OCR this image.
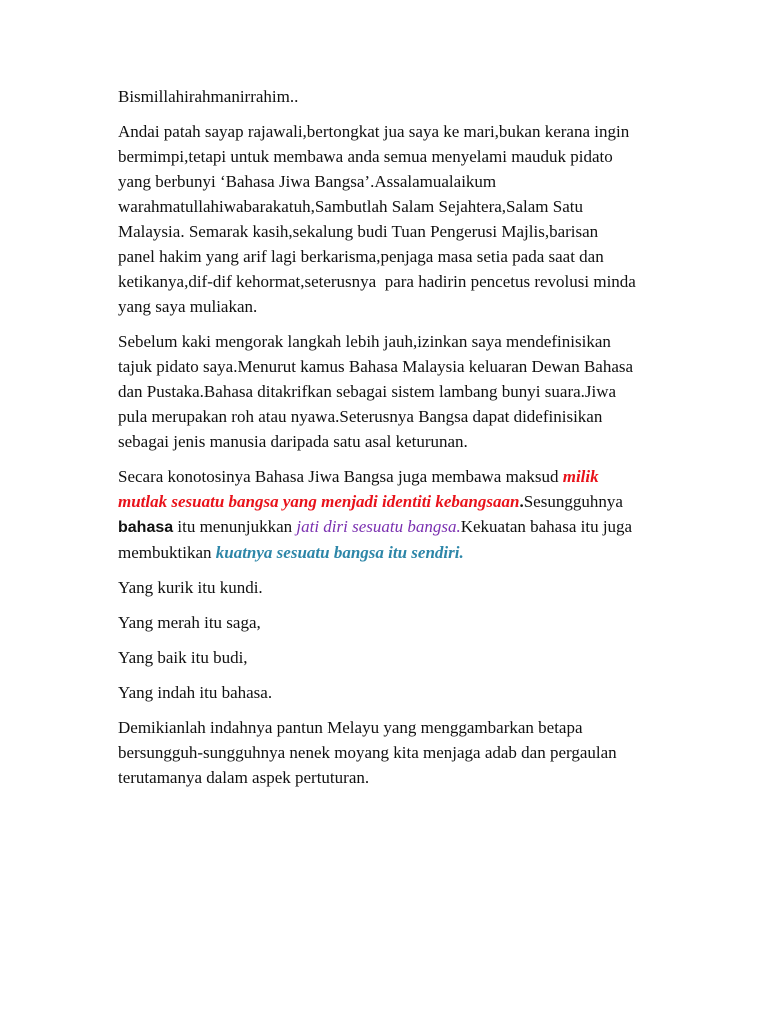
Bismillahirahmanirrahim..

Andai patah sayap rajawali,bertongkat jua saya ke mari,bukan kerana ingin bermimpi,tetapi untuk membawa anda semua menyelami mauduk pidato yang berbunyi ‘Bahasa Jiwa Bangsa’.Assalamualaikum warahmatullahiwabarakatuh,Sambutlah Salam Sejahtera,Salam Satu Malaysia. Semarak kasih,sekalung budi Tuan Pengerusi Majlis,barisan panel hakim yang arif lagi berkarisma,penjaga masa setia pada saat dan ketikanya,dif-dif kehormat,seterusnya  para hadirin pencetus revolusi minda yang saya muliakan.

Sebelum kaki mengorak langkah lebih jauh,izinkan saya mendefinisikan tajuk pidato saya.Menurut kamus Bahasa Malaysia keluaran Dewan Bahasa dan Pustaka.Bahasa ditakrifkan sebagai sistem lambang bunyi suara.Jiwa pula merupakan roh atau nyawa.Seterusnya Bangsa dapat didefinisikan sebagai jenis manusia daripada satu asal keturunan.

Secara konotosinya Bahasa Jiwa Bangsa juga membawa maksud milik mutlak sesuatu bangsa yang menjadi identiti kebangsaan.Sesungguhnya bahasa itu menunjukkan jati diri sesuatu bangsa.Kekuatan bahasa itu juga membuktikan kuatnya sesuatu bangsa itu sendiri.

Yang kurik itu kundi.

Yang merah itu saga,

Yang baik itu budi,

Yang indah itu bahasa.

Demikianlah indahnya pantun Melayu yang menggambarkan betapa bersungguh-sungguhnya nenek moyang kita menjaga adab dan pergaulan terutamanya dalam aspek pertuturan.
